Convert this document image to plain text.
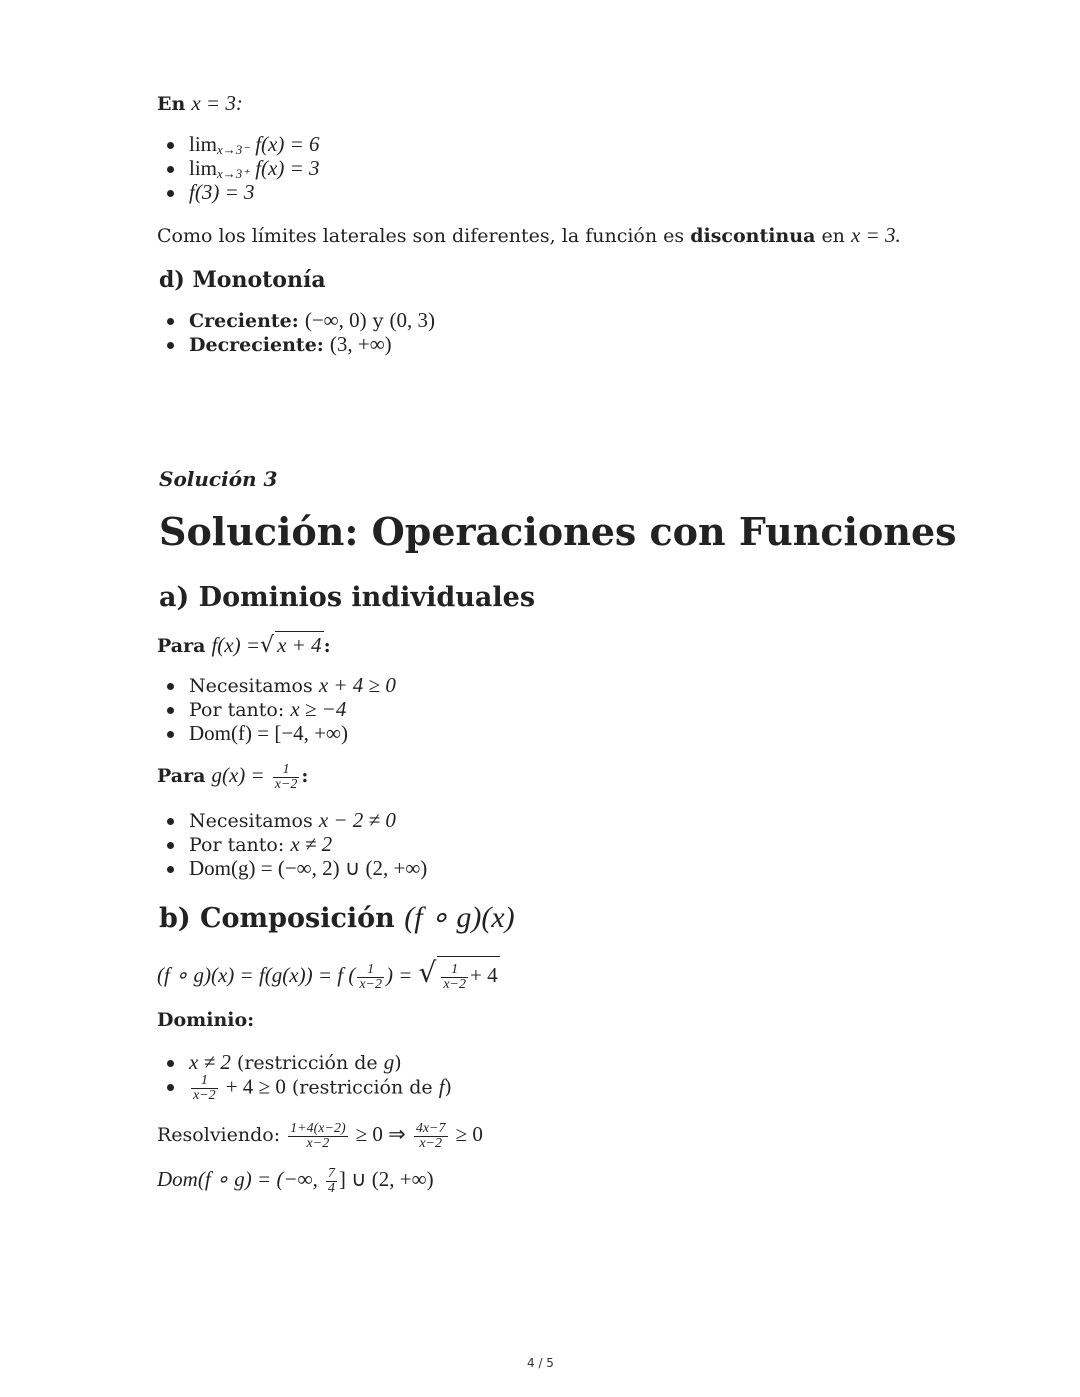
En x = 3:
limx→3⁻ f(x) = 6
limx→3⁺ f(x) = 3
f(3) = 3
Como los límites laterales son diferentes, la función es discontinua en x = 3.
d) Monotonía
Creciente: (−∞, 0) y (0, 3)
Decreciente: (3, +∞)
Solución 3
Solución: Operaciones con Funciones
a) Dominios individuales
Para f(x) =√ x + 4 :
Necesitamos x + 4 ≥ 0
Por tanto: x ≥ −4
Dom(f) = [−4, +∞)
Para $g(x) = \frac{1}{x-2}$ :
Necesitamos x − 2 ≠ 0
Por tanto: x ≠ 2
Dom(g) = (−∞, 2) ∪ (2, +∞)
b) Composición (f ∘ g)(x)
(f ∘ g)(x) = f(g(x)) = f ( $\frac{1}{x-2}$ ) = √ $\frac{1}{x-2} + 4$
Dominio:
x ≠ 2 (restricción de g)
$\frac{1}{x-2} + 4 \ge 0$ (restricción de f)
Resolviendo: $\frac{1+4(x-2)}{x-2} \ge 0$ ⇒ $\frac{4x-7}{x-2} \ge 0$
Dom(f ∘ g) = (−∞, $\frac{7}{4}$ ] ∪ (2, +∞)
4 / 5
